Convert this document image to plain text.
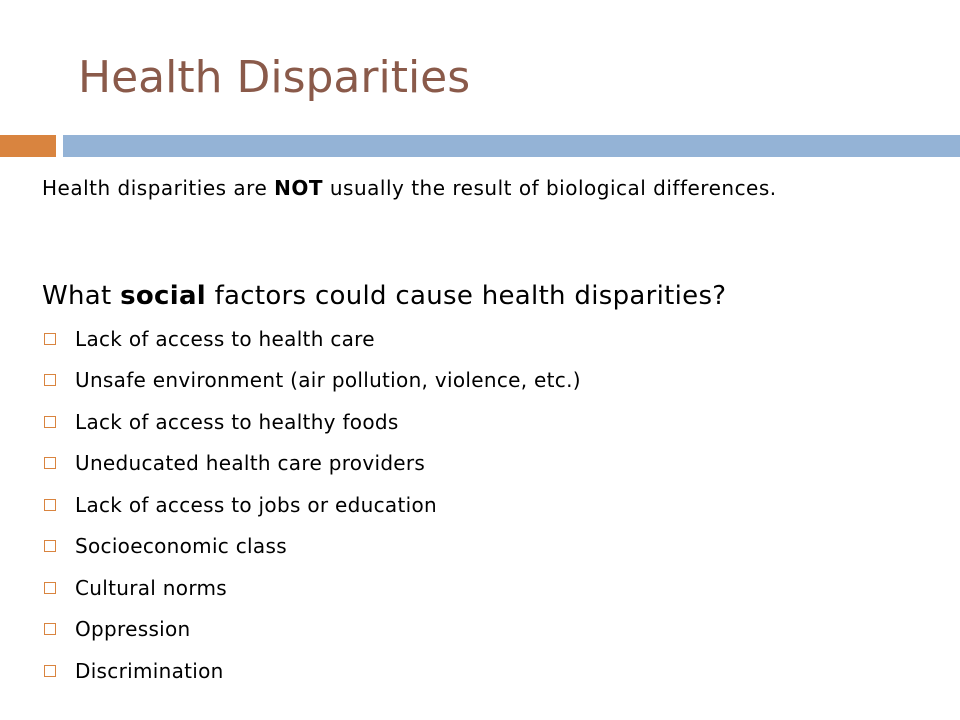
Health Disparities

Health disparities are NOT usually the result of biological differences.

What social factors could cause health disparities?

Lack of access to health care
Unsafe environment (air pollution, violence, etc.)
Lack of access to healthy foods
Uneducated health care providers
Lack of access to jobs or education
Socioeconomic class
Cultural norms
Oppression
Discrimination
